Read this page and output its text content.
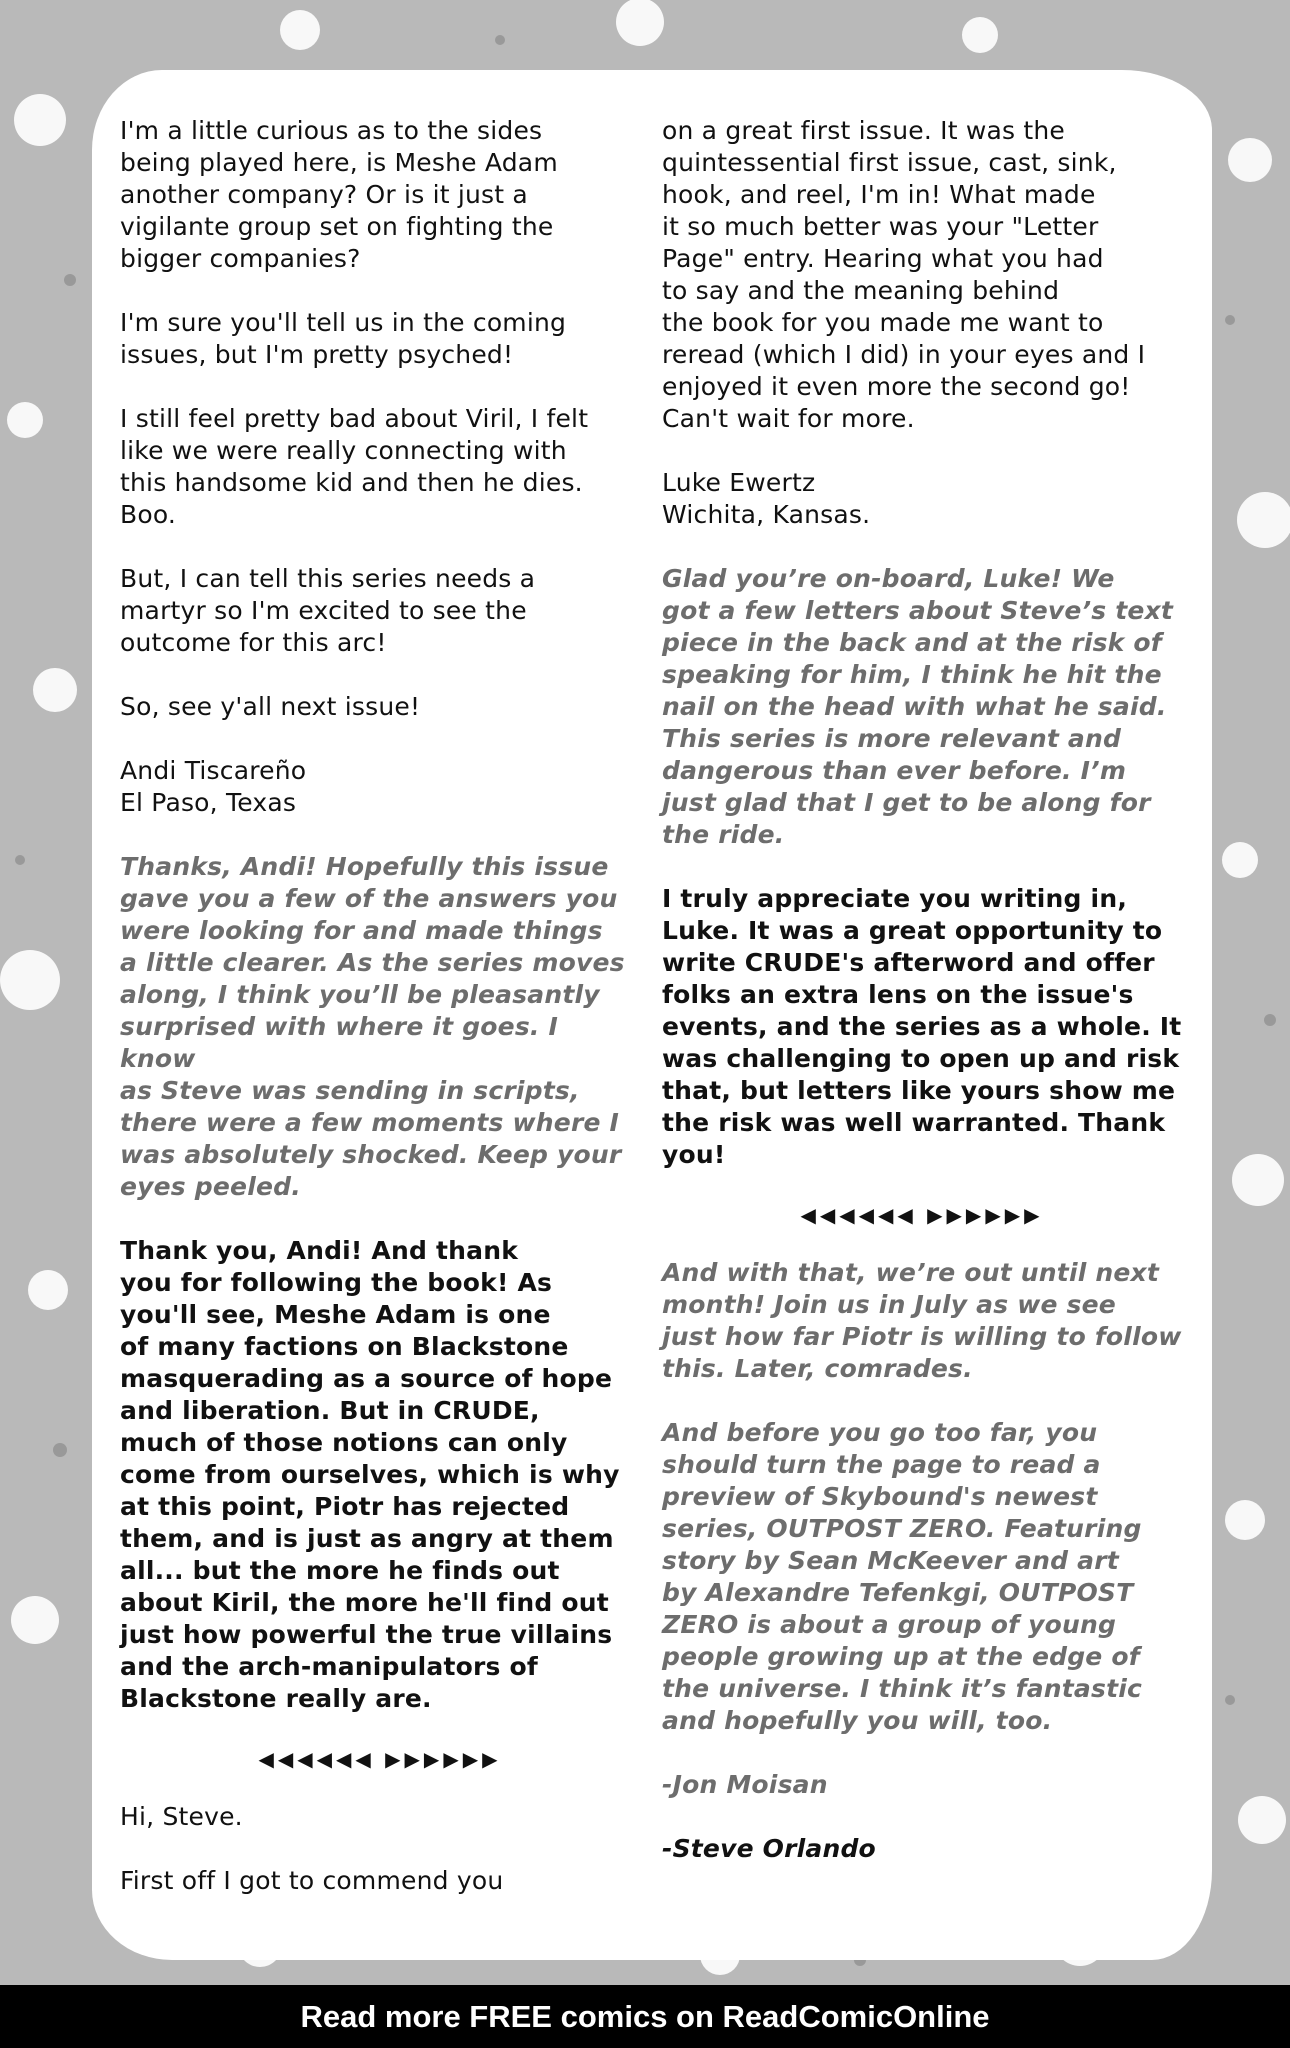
I'm a little curious as to the sides
being played here, is Meshe Adam
another company? Or is it just a
vigilante group set on fighting the
bigger companies?

I'm sure you'll tell us in the coming
issues, but I'm pretty psyched!

I still feel pretty bad about Viril, I felt
like we were really connecting with
this handsome kid and then he dies.
Boo.

But, I can tell this series needs a
martyr so I'm excited to see the
outcome for this arc!

So, see y'all next issue!

Andi Tiscareño
El Paso, Texas

Thanks, Andi! Hopefully this issue
gave you a few of the answers you
were looking for and made things
a little clearer. As the series moves
along, I think you’ll be pleasantly
surprised with where it goes. I know
as Steve was sending in scripts,
there were a few moments where I
was absolutely shocked. Keep your
eyes peeled.

Thank you, Andi! And thank
you for following the book! As
you'll see, Meshe Adam is one
of many factions on Blackstone
masquerading as a source of hope
and liberation. But in CRUDE,
much of those notions can only
come from ourselves, which is why
at this point, Piotr has rejected
them, and is just as angry at them
all... but the more he finds out
about Kiril, the more he'll find out
just how powerful the true villains
and the arch-manipulators of
Blackstone really are.

◀◀◀◀◀◀ ▶▶▶▶▶▶

Hi, Steve.

First off I got to commend you

on a great first issue. It was the
quintessential first issue, cast, sink,
hook, and reel, I'm in! What made
it so much better was your "Letter
Page" entry. Hearing what you had
to say and the meaning behind
the book for you made me want to
reread (which I did) in your eyes and I
enjoyed it even more the second go!
Can't wait for more.

Luke Ewertz
Wichita, Kansas.

Glad you’re on-board, Luke! We
got a few letters about Steve’s text
piece in the back and at the risk of
speaking for him, I think he hit the
nail on the head with what he said.
This series is more relevant and
dangerous than ever before. I’m
just glad that I get to be along for
the ride.

I truly appreciate you writing in,
Luke. It was a great opportunity to
write CRUDE's afterword and offer
folks an extra lens on the issue's
events, and the series as a whole. It
was challenging to open up and risk
that, but letters like yours show me
the risk was well warranted. Thank
you!

◀◀◀◀◀◀ ▶▶▶▶▶▶

And with that, we’re out until next
month! Join us in July as we see
just how far Piotr is willing to follow
this. Later, comrades.

And before you go too far, you
should turn the page to read a
preview of Skybound's newest
series, OUTPOST ZERO. Featuring
story by Sean McKeever and art
by Alexandre Tefenkgi, OUTPOST
ZERO is about a group of young
people growing up at the edge of
the universe. I think it’s fantastic
and hopefully you will, too.

-Jon Moisan

-Steve Orlando

Read more FREE comics on ReadComicOnline
